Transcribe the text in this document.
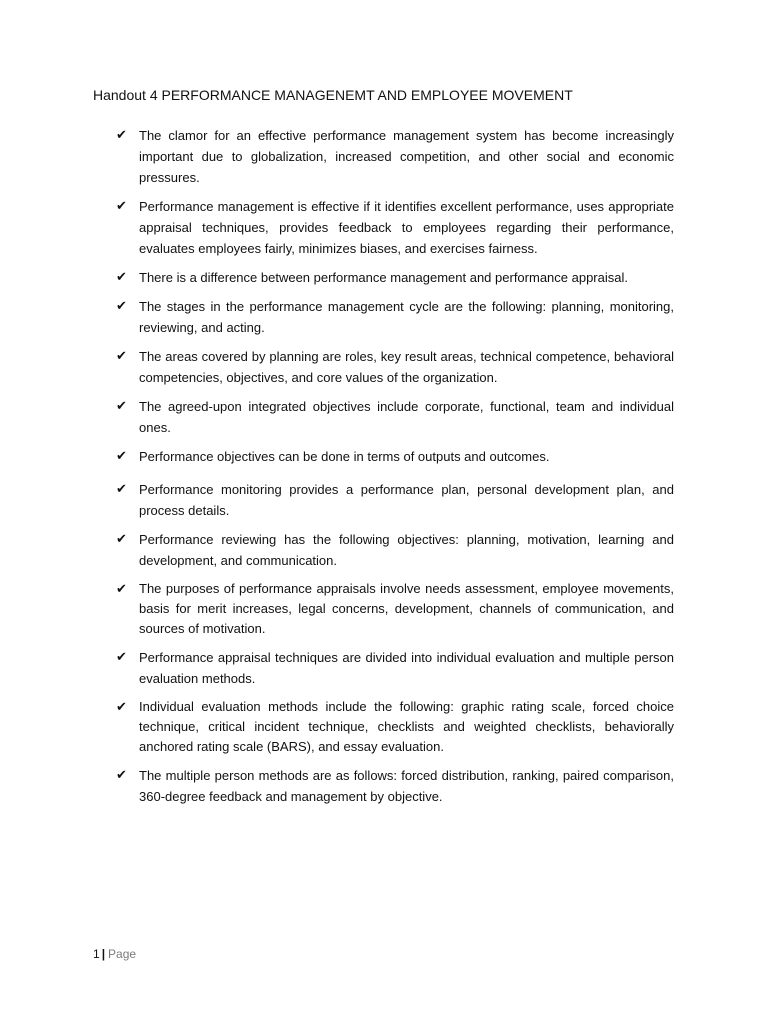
Handout 4 PERFORMANCE MANAGENEMT AND EMPLOYEE MOVEMENT
✔ The clamor for an effective performance management system has become increasingly important due to globalization, increased competition, and other social and economic pressures.
✔ Performance management is effective if it identifies excellent performance, uses appropriate appraisal techniques, provides feedback to employees regarding their performance, evaluates employees fairly, minimizes biases, and exercises fairness.
✔ There is a difference between performance management and performance appraisal.
✔ The stages in the performance management cycle are the following: planning, monitoring, reviewing, and acting.
✔ The areas covered by planning are roles, key result areas, technical competence, behavioral competencies, objectives, and core values of the organization.
✔ The agreed-upon integrated objectives include corporate, functional, team and individual ones.
✔ Performance objectives can be done in terms of outputs and outcomes.
✔ Performance monitoring provides a performance plan, personal development plan, and process details.
✔ Performance reviewing has the following objectives: planning, motivation, learning and development, and communication.
✔ The purposes of performance appraisals involve needs assessment, employee movements, basis for merit increases, legal concerns, development, channels of communication, and sources of motivation.
✔ Performance appraisal techniques are divided into individual evaluation and multiple person evaluation methods.
✔ Individual evaluation methods include the following: graphic rating scale, forced choice technique, critical incident technique, checklists and weighted checklists, behaviorally anchored rating scale (BARS), and essay evaluation.
✔ The multiple person methods are as follows: forced distribution, ranking, paired comparison, 360-degree feedback and management by objective.
1 | Page
